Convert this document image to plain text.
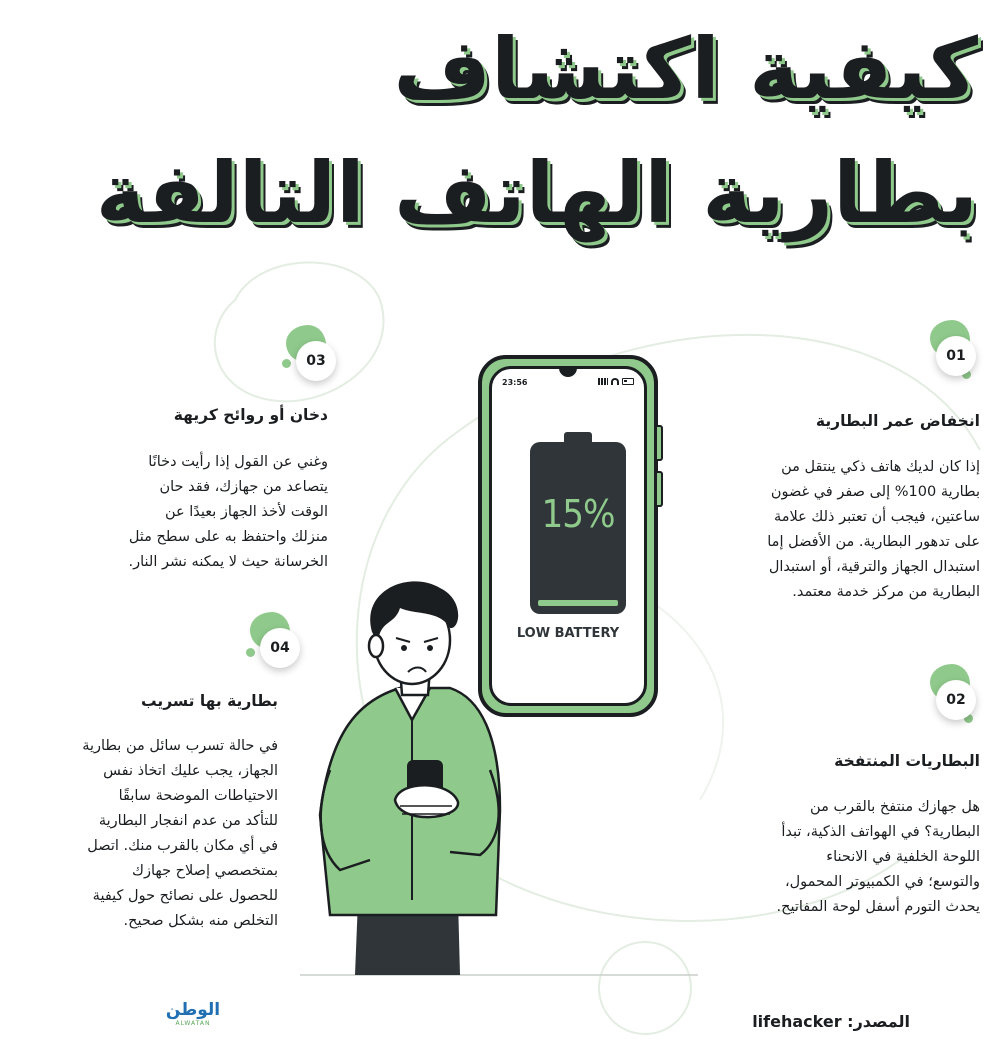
كيفية اكتشاف
بطارية الهاتف التالفة
03
دخان أو روائح كريهة
وغني عن القول إذا رأيت دخانًا
يتصاعد من جهازك، فقد حان
الوقت لأخذ الجهاز بعيدًا عن
منزلك واحتفظ به على سطح مثل
الخرسانة حيث لا يمكنه نشر النار.
04
بطارية بها تسريب
في حالة تسرب سائل من بطارية
الجهاز، يجب عليك اتخاذ نفس
الاحتياطات الموضحة سابقًا
للتأكد من عدم انفجار البطارية
في أي مكان بالقرب منك. اتصل
بمتخصصي إصلاح جهازك
للحصول على نصائح حول كيفية
التخلص منه بشكل صحيح.
01
انخفاض عمر البطارية
إذا كان لديك هاتف ذكي ينتقل من
بطارية 100% إلى صفر في غضون
ساعتين، فيجب أن تعتبر ذلك علامة
على تدهور البطارية. من الأفضل إما
استبدال الجهاز والترقية، أو استبدال
البطارية من مركز خدمة معتمد.
02
البطاريات المنتفخة
هل جهازك منتفخ بالقرب من
البطارية؟ في الهواتف الذكية، تبدأ
اللوحة الخلفية في الانحناء
والتوسع؛ في الكمبيوتر المحمول،
يحدث التورم أسفل لوحة المفاتيح.
23:56
15%
LOW BATTERY
المصدر: lifehacker
الوطن
ALWATAN
